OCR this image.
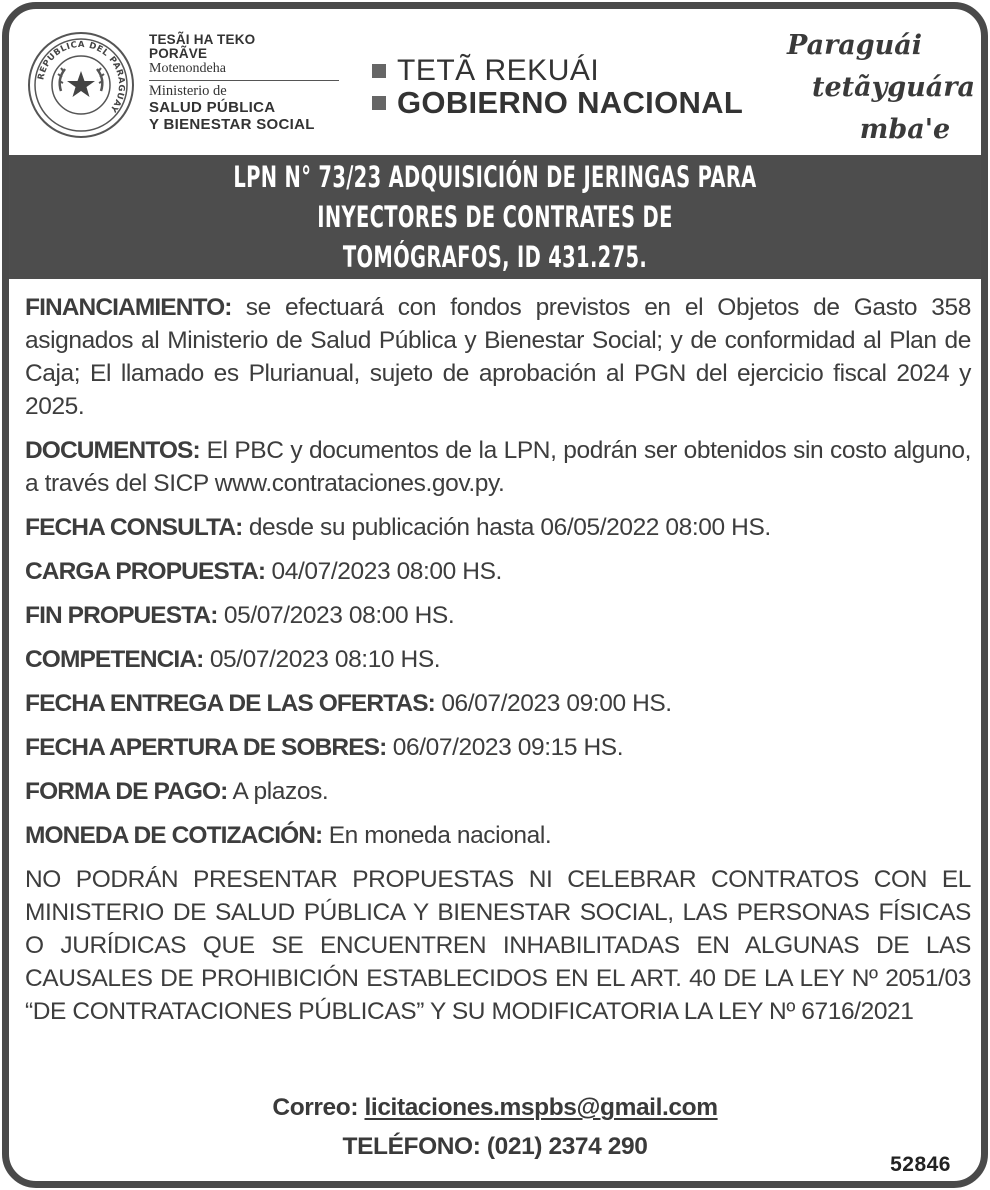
REPUBLICA DEL PARAGUAY
TESÃI HA TEKO
PORÃVE
Motenondeha
Ministerio de
SALUD PÚBLICA
Y BIENESTAR SOCIAL
TETÃ REKUÁI
GOBIERNO NACIONAL
Paraguái
tetãyguára
mba'e
LPN N° 73/23 ADQUISICIÓN DE JERINGAS PARA INYECTORES DE CONTRATES DE
TOMÓGRAFOS, ID 431.275.

FINANCIAMIENTO: se efectuará con fondos previstos en el Objetos de Gasto 358 asignados al Ministerio de Salud Pública y Bienestar Social; y de conformidad al Plan de Caja; El llamado es Plurianual, sujeto de aprobación al PGN del ejercicio fiscal 2024 y 2025.

DOCUMENTOS: El PBC y documentos de la LPN, podrán ser obtenidos sin costo alguno, a través del SICP www.contrataciones.gov.py.

FECHA CONSULTA: desde su publicación hasta 06/05/2022 08:00 HS.

CARGA PROPUESTA: 04/07/2023 08:00 HS.

FIN PROPUESTA: 05/07/2023 08:00 HS.

COMPETENCIA: 05/07/2023 08:10 HS.

FECHA ENTREGA DE LAS OFERTAS: 06/07/2023 09:00 HS.

FECHA APERTURA DE SOBRES: 06/07/2023 09:15 HS.

FORMA DE PAGO: A plazos.

MONEDA DE COTIZACIÓN: En moneda nacional.

NO PODRÁN PRESENTAR PROPUESTAS NI CELEBRAR CONTRATOS CON EL MINISTERIO DE SALUD PÚBLICA Y BIENESTAR SOCIAL, LAS PERSONAS FÍSICAS O JURÍDICAS QUE SE ENCUENTREN INHABILITADAS EN ALGUNAS DE LAS CAUSALES DE PROHIBICIÓN ESTABLECIDOS EN EL ART. 40 DE LA LEY Nº 2051/03 “DE CONTRATACIONES PÚBLICAS” Y SU MODIFICATORIA LA LEY Nº 6716/2021

Correo: licitaciones.mspbs@gmail.com
TELÉFONO: (021) 2374 290
52846
